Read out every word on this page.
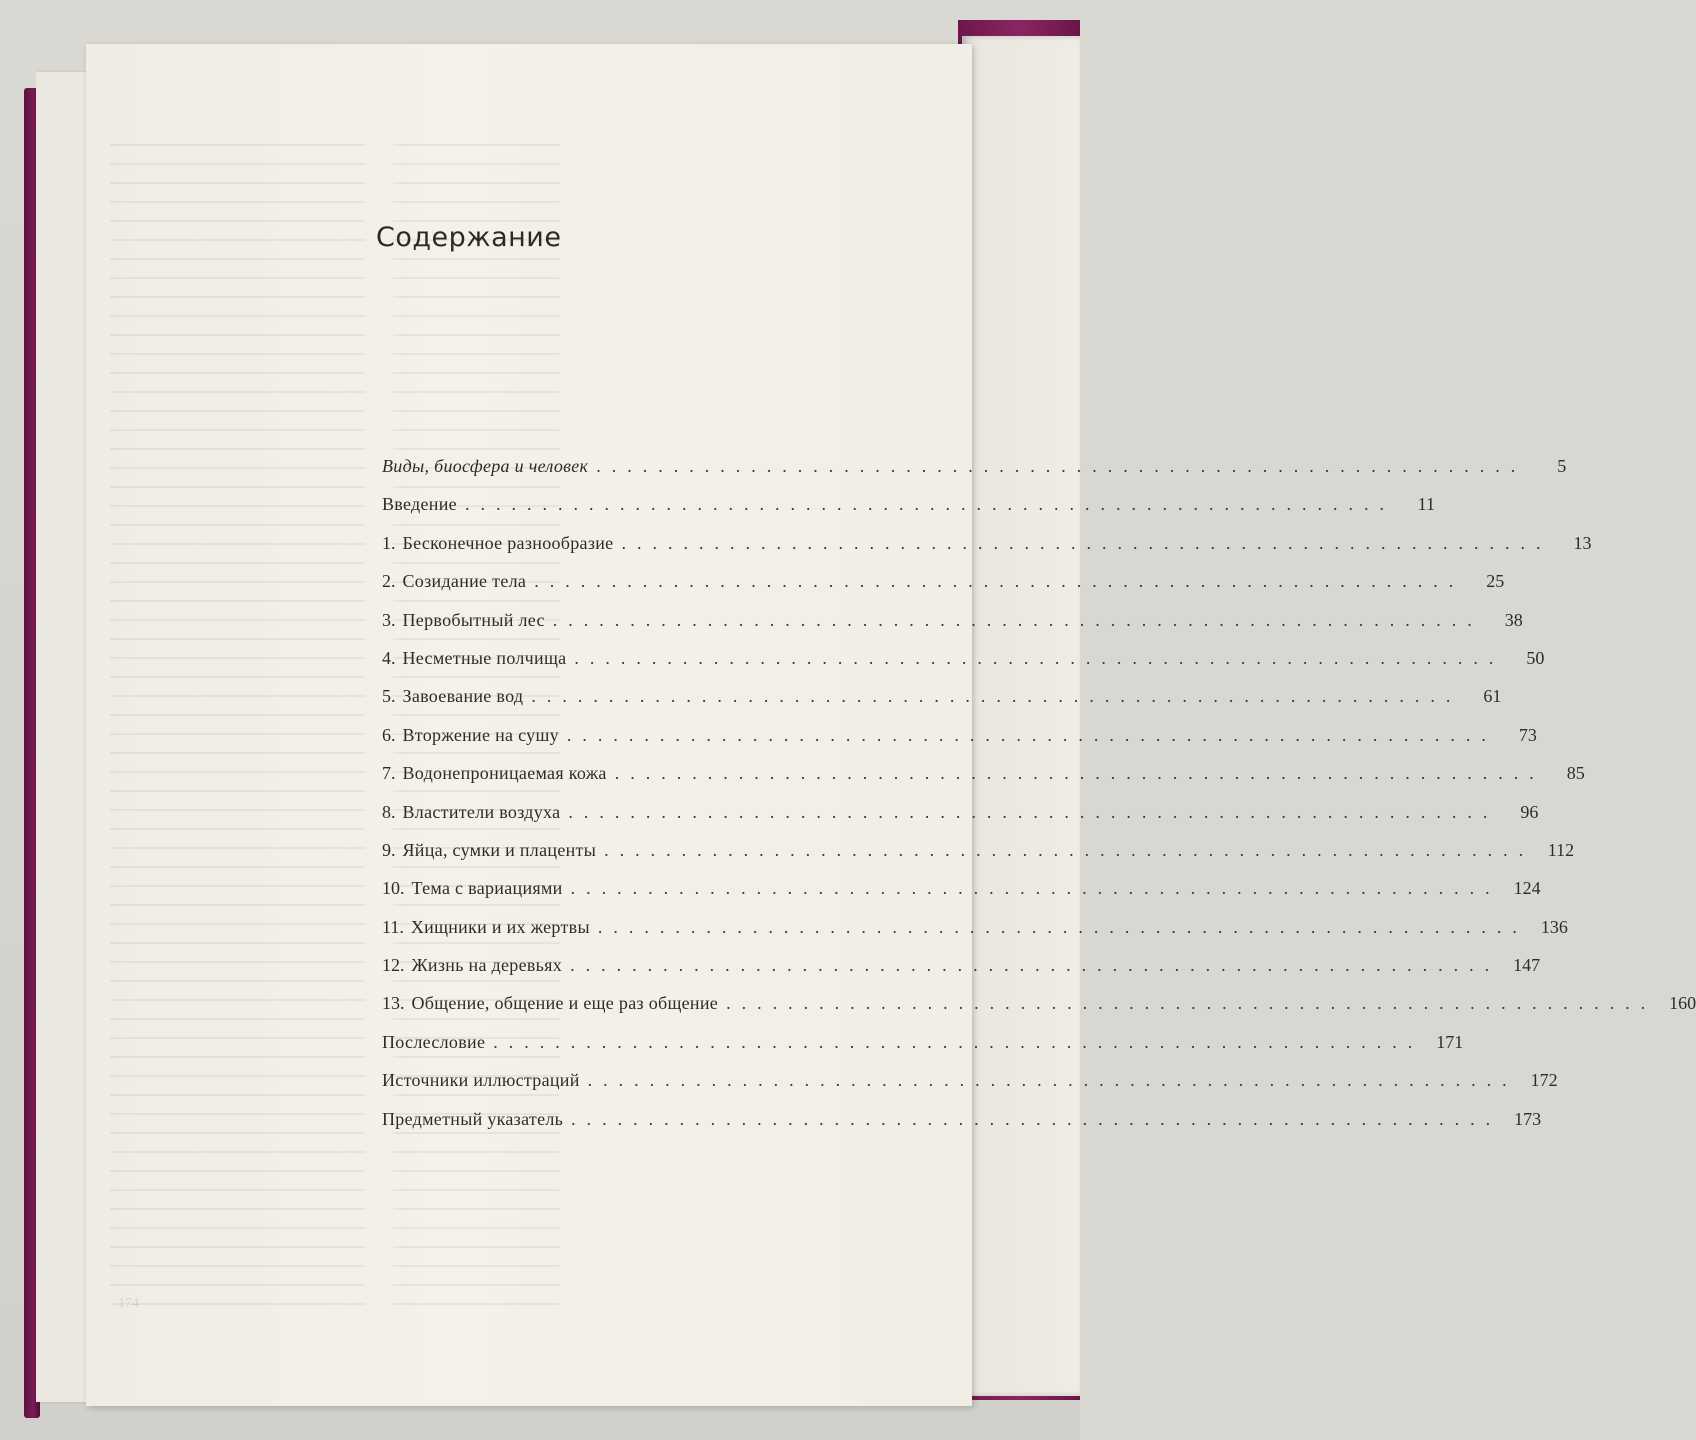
Содержание
Виды, биосфера и человек ............................................................	5
Введение ............................................................	11
1. Бесконечное разнообразие ............................................................	13
2. Созидание тела ............................................................	25
3. Первобытный лес ............................................................	38
4. Несметные полчища ............................................................	50
5. Завоевание вод ............................................................	61
6. Вторжение на сушу ............................................................	73
7. Водонепроницаемая кожа ............................................................	85
8. Властители воздуха ............................................................	96
9. Яйца, сумки и плаценты ............................................................ 112
10. Тема с вариациями ............................................................ 124
11. Хищники и их жертвы ............................................................ 136
12. Жизнь на деревьях ............................................................ 147
13. Общение, общение и еще раз общение ............................................................ 160
Послесловие ............................................................ 171
Источники иллюстраций ............................................................ 172
Предметный указатель ............................................................ 173
174
